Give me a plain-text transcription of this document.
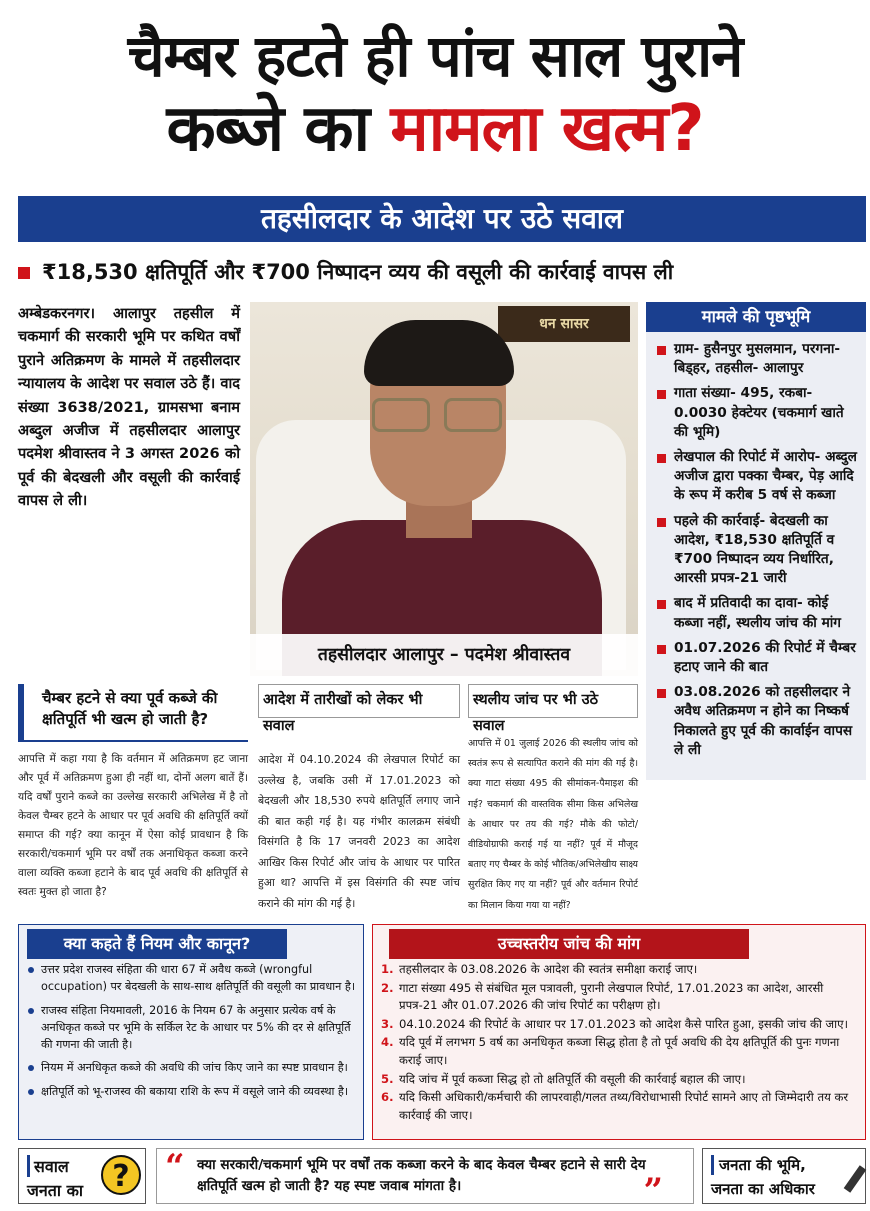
चैम्बर हटते ही पांच साल पुराने
कब्जे का मामला खत्म?
तहसीलदार के आदेश पर उठे सवाल
₹18,530 क्षतिपूर्ति और ₹700 निष्पादन व्यय की वसूली की कार्रवाई वापस ली
अम्बेडकरनगर। आलापुर तहसील में चकमार्ग की सरकारी भूमि पर कथित वर्षों पुराने अतिक्रमण के मामले में तहसीलदार न्यायालय के आदेश पर सवाल उठे हैं। वाद संख्या 3638/2021, ग्रामसभा बनाम अब्दुल अजीज में तहसीलदार आलापुर पदमेश श्रीवास्तव ने 3 अगस्त 2026 को पूर्व की बेदखली और वसूली की कार्रवाई वापस ले ली।
धन सासर
तहसीलदार आलापुर – पदमेश श्रीवास्तव
मामले की पृष्ठभूमि
ग्राम- हुसैनपुर मुसलमान, परगना- बिड्हर, तहसील- आलापुर
गाता संख्या- 495, रकबा- 0.0030 हेक्टेयर (चकमार्ग खाते की भूमि)
लेखपाल की रिपोर्ट में आरोप- अब्दुल अजीज द्वारा पक्का चैम्बर, पेड़ आदि के रूप में करीब 5 वर्ष से कब्जा
पहले की कार्रवाई- बेदखली का आदेश, ₹18,530 क्षतिपूर्ति व ₹700 निष्पादन व्यय निर्धारित, आरसी प्रपत्र-21 जारी
बाद में प्रतिवादी का दावा- कोई कब्जा नहीं, स्थलीय जांच की मांग
01.07.2026 की रिपोर्ट में चैम्बर हटाए जाने की बात
03.08.2026 को तहसीलदार ने अवैध अतिक्रमण न होने का निष्कर्ष निकालते हुए पूर्व की कार्वाईन वापस ले ली
चैम्बर हटने से क्या पूर्व कब्जे की क्षतिपूर्ति भी खत्म हो जाती है?
आपत्ति में कहा गया है कि वर्तमान में अतिक्रमण हट जाना और पूर्व में अतिक्रमण हुआ ही नहीं था, दोनों अलग बातें हैं। यदि वर्षों पुराने कब्जे का उल्लेख सरकारी अभिलेख में है तो केवल चैम्बर हटने के आधार पर पूर्व अवधि की क्षतिपूर्ति क्यों समाप्त की गई? क्या कानून में ऐसा कोई प्रावधान है कि सरकारी/चकमार्ग भूमि पर वर्षों तक अनाधिकृत कब्जा करने वाला व्यक्ति कब्जा हटाने के बाद पूर्व अवधि की क्षतिपूर्ति से स्वतः मुक्त हो जाता है?
आदेश में तारीखों को लेकर भी सवाल
आदेश में 04.10.2024 की लेखपाल रिपोर्ट का उल्लेख है, जबकि उसी में 17.01.2023 को बेदखली और 18,530 रुपये क्षतिपूर्ति लगाए जाने की बात कही गई है। यह गंभीर कालक्रम संबंधी विसंगति है कि 17 जनवरी 2023 का आदेश आखिर किस रिपोर्ट और जांच के आधार पर पारित हुआ था? आपत्ति में इस विसंगति की स्पष्ट जांच कराने की मांग की गई है।
स्थलीय जांच पर भी उठे सवाल
आपत्ति में 01 जुलाई 2026 की स्थलीय जांच को स्वतंत्र रूप से सत्यापित कराने की मांग की गई है। क्या गाटा संख्या 495 की सीमांकन-पैमाइश की गई? चकमार्ग की वास्तविक सीमा किस अभिलेख के आधार पर तय की गई? मौके की फोटो/वीडियोग्राफी कराई गई या नहीं? पूर्व में मौजूद बताए गए चैम्बर के कोई भौतिक/अभिलेखीय साक्ष्य सुरक्षित किए गए या नहीं? पूर्व और वर्तमान रिपोर्ट का मिलान किया गया या नहीं?
क्या कहते हैं नियम और कानून?
उत्तर प्रदेश राजस्व संहिता की धारा 67 में अवैध कब्जे (wrongful occupation) पर बेदखली के साथ-साथ क्षतिपूर्ति की वसूली का प्रावधान है।
राजस्व संहिता नियमावली, 2016 के नियम 67 के अनुसार प्रत्येक वर्ष के अनधिकृत कब्जे पर भूमि के सर्किल रेट के आधार पर 5% की दर से क्षतिपूर्ति की गणना की जाती है।
नियम में अनधिकृत कब्जे की अवधि की जांच किए जाने का स्पष्ट प्रावधान है।
क्षतिपूर्ति को भू-राजस्व की बकाया राशि के रूप में वसूले जाने की व्यवस्था है।
उच्चस्तरीय जांच की मांग
1. तहसीलदार के 03.08.2026 के आदेश की स्वतंत्र समीक्षा कराई जाए।
2. गाटा संख्या 495 से संबंधित मूल पत्रावली, पुरानी लेखपाल रिपोर्ट, 17.01.2023 का आदेश, आरसी प्रपत्र-21 और 01.07.2026 की जांच रिपोर्ट का परीक्षण हो।
3. 04.10.2024 की रिपोर्ट के आधार पर 17.01.2023 को आदेश कैसे पारित हुआ, इसकी जांच की जाए।
4. यदि पूर्व में लगभग 5 वर्ष का अनधिकृत कब्जा सिद्ध होता है तो पूर्व अवधि की देय क्षतिपूर्ति की पुनः गणना कराई जाए।
5. यदि जांच में पूर्व कब्जा सिद्ध हो तो क्षतिपूर्ति की वसूली की कार्रवाई बहाल की जाए।
6. यदि किसी अधिकारी/कर्मचारी की लापरवाही/गलत तथ्य/विरोधाभासी रिपोर्ट सामने आए तो जिम्मेदारी तय कर कार्रवाई की जाए।
सवाल
जनता का ?	“ क्या सरकारी/चकमार्ग भूमि पर वर्षों तक कब्जा करने के बाद केवल चैम्बर हटाने से सारी देय क्षतिपूर्ति खत्म हो जाती है? यह स्पष्ट जवाब मांगता है।	”
जनता की भूमि,
जनता का अधिकार
